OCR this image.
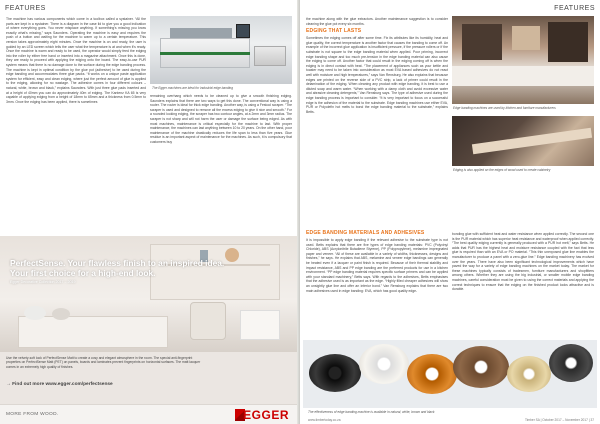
FEATURES

The machine has various components which come in a toolbox called a systainer. “All the parts are kept in a systainer. There is a diagram in the case lid to give you a good indication of where everything goes. You never misplace anything. If something’s missing you know exactly what’s missing,” says Saunders. Operating the machine is easy and requires the push of a button and waiting for the machine to warm up to a certain temperature. This version takes approximately eight minutes. Once the machine is on and ready, the user is guided by an LED screen which tells the user what the temperature is at and when it’s ready. Once the machine is warm and ready to be used, the operator would simply feed the edging into the roller by either free hand or inserted into a magazine attachment. Once this is done, they are ready to proceed with applying the edging onto the board. The easy-to-use PUR system means that there is no damage done to the surface during the edge banding process. The machine is kept in optimal condition by the glue pot (adhesive) to be used during the edge banding and accommodates three glue packs. “It works on a unique paste application system for efficient, easy and clean edging, where just the perfect amount of glue is applied to the edging, allowing for no wastage. The adhesive comes in four different colours – natural, white, brown and black,” explains Saunders. With just three glue pads inserted and at a height of 40mm you can do approximately 40m of edging. The Kantenz KA 65 is very capable of applying edging from a height of 18mm to 65mm and a thickness from 0.5mm to 3mm. Once the edging has been applied, there is sometimes

The Egger machines are ideal for industrial edge banding

remaining overhang which needs to be cleaned up to give a smooth finishing edging. Saunders explains that there are two ways to get this done. The conventional way is using a router. The router is ideal for thick edge banding. Another way, is using a Festool scraper. “The scraper is used and designed to remove all the excess edging to give it nice and smooth.” For a rounded looking edging, the scraper has two contour angles, at a 2mm and 3mm radius. The scraper is not sharp and will not harm the user or damage the surface being edged. As with most machines, maintenance is critical especially for the machine to last. With proper maintenance, the machines can last anything between 10 to 20 years. On the other hand, poor maintenance of the machine drastically reduces the life span to less than five years. Glue residue is an important aspect of maintenance for the machines. As such, it is compulsory that customers buy

PerfectSense. Your flawless finish to an inspired idea.
Your first choice for a high-end look.
Egger Decorative Collection 2017 – 2019

Use the velvety-soft look of PerfectSense Matt to create a cosy and elegant atmosphere in the room. The special anti-fingerprint properties on PerfectSense Matt (PET) on panels, boards and laminates prevent fingerprints on horizontal surfaces. The matt lacquer comes in an extremely high quality of finishes.

→ Find out more www.egger.com/perfectsense
MORE FROM WOOD.	EGGER
FEATURES

the machine along with the glue extractors. Another maintenance suggestion is to consider cleaning the glue pot every six months.

EDGING THAT LASTS

Sometimes the edging comes off after some time. Fix its attributes like its humidity, heat and glue quality, the correct temperature is another factor that causes the banding to come off. An example of the incorrect glue application is insufficient pressure, if the pressure rollers or if the substrate is not square to the edge banding material when applied. Poor priming, incorrect edge banding shape and too much pre-tension in the edge banding material can also cause the edging to come off. Another factor that could result in the edging coming off is when the edging is in direct contact with heat. “The placement of appliances such as your kettle and toaster may need to be taken into consideration as most EVA based adhesives do not react well with moisture and high temperatures,” says Van Rensburg. He also explains that because edges are printed on the reverse side of a PVC strip, a lack of primer could result in the delamination of the edging. When cleaning any product with edge banding, it is best to use a diluted soap and warm water. “When working with a damp cloth and avoid excessive water and abrasive cleaning detergents,” Van Rensburg says. The type of adhesive used during the edge banding process is important to consider. “It is very important to focus on a successful edge is the adhesion of the material to the substrate. Edge banding machines use either EVA, PUR or Polyolefin hot melts to bond the edge banding material to the substrate,” explains Betts.

Edge banding machines are used by kitchen and furniture manufacturers
Edging is also applied on the edges of wood used to create cabinetry
EDGE BANDING MATERIALS AND ADHESIVES

It is impossible to apply edge banding if the relevant adhesive to the substrate type is not used. Betts explains that there are five types of edge banding materials: PVC (Polyvinyl Chloride), ABS (Acrylonitrile Butadiene Styrene), PP (Polypropylene), melamine impregnated paper and veneer. “All of these are available in a variety of widths, thicknesses, designs and finishes,” he says. He explains that ABS, melamine and veneer edge bandings can generally be heated even if a lacquer or paint finish is required. Because of their thermal stability and impact resistance, ABS and PP edge banding are the preferred products for use in a kitchen environment. “PP edge banding material requires specific surface primers and can be applied with your standard machinery,” Betts says. With regards to the adhesives, Betts emphasises that the adhesive used is as important as the edge. “Highly filled cheaper adhesives will show an unsightly glue line and offer an inferior bond.” Van Rensburg explains that there are two main adhesives used in edge banding: EVA, which has good quality edge-

bonding glue with sufficient heat and water resistance when applied correctly. The second one is the PUR material which has superior heat resistance and waterproof when applied correctly. “The best quality edging currently is generally produced with a PUR hot melt,” says Betts. He adds that PUR has the highest heat and moisture resistance coupled with the fact that less glue is required than with an EVA or PO material. “This thin unexposed glue line enables the manufacturer to produce a panel with a zero-glue line.” Edge banding machinery has evolved over the years. There have also been significant technological improvements which have paved the way for a variety of edge banding machines on the market today. The market for these machines typically consists of tradesmen, furniture manufacturers and shopfitters among others. Whether they are using the big industrial, or smaller mobile edge banding machines, careful consideration must be given to using the correct materials and applying the correct techniques to ensure that the edging on the finished product looks attractive and is durable.

The effectiveness of edge banding machine is available in natural, white, brown and black
www.timbertoday.co.za	Timber SA | October 2017 – November 2017 | 37
